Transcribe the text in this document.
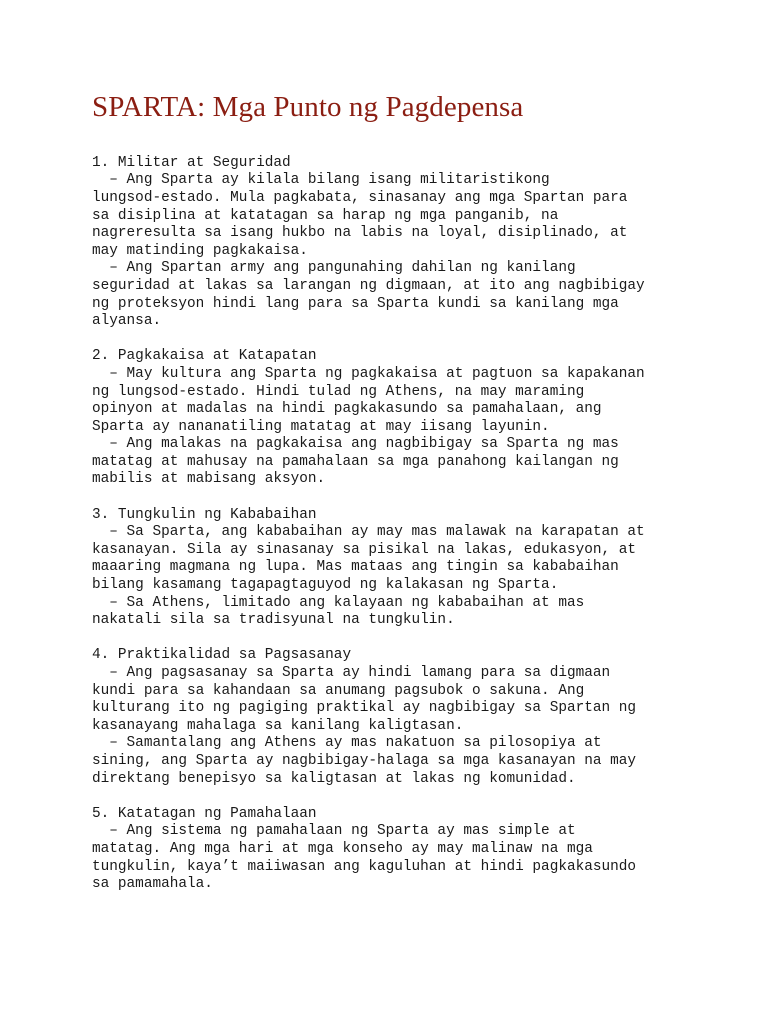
SPARTA: Mga Punto ng Pagdepensa
1. Militar at Seguridad
– Ang Sparta ay kilala bilang isang militaristikong
lungsod-estado. Mula pagkabata, sinasanay ang mga Spartan para
sa disiplina at katatagan sa harap ng mga panganib, na
nagreresulta sa isang hukbo na labis na loyal, disiplinado, at
may matinding pagkakaisa.
– Ang Spartan army ang pangunahing dahilan ng kanilang
seguridad at lakas sa larangan ng digmaan, at ito ang nagbibigay
ng proteksyon hindi lang para sa Sparta kundi sa kanilang mga
alyansa.
2. Pagkakaisa at Katapatan
– May kultura ang Sparta ng pagkakaisa at pagtuon sa kapakanan
ng lungsod-estado. Hindi tulad ng Athens, na may maraming
opinyon at madalas na hindi pagkakasundo sa pamahalaan, ang
Sparta ay nananatiling matatag at may iisang layunin.
– Ang malakas na pagkakaisa ang nagbibigay sa Sparta ng mas
matatag at mahusay na pamahalaan sa mga panahong kailangan ng
mabilis at mabisang aksyon.
3. Tungkulin ng Kababaihan
– Sa Sparta, ang kababaihan ay may mas malawak na karapatan at
kasanayan. Sila ay sinasanay sa pisikal na lakas, edukasyon, at
maaaring magmana ng lupa. Mas mataas ang tingin sa kababaihan
bilang kasamang tagapagtaguyod ng kalakasan ng Sparta.
– Sa Athens, limitado ang kalayaan ng kababaihan at mas
nakatali sila sa tradisyunal na tungkulin.
4. Praktikalidad sa Pagsasanay
– Ang pagsasanay sa Sparta ay hindi lamang para sa digmaan
kundi para sa kahandaan sa anumang pagsubok o sakuna. Ang
kulturang ito ng pagiging praktikal ay nagbibigay sa Spartan ng
kasanayang mahalaga sa kanilang kaligtasan.
– Samantalang ang Athens ay mas nakatuon sa pilosopiya at
sining, ang Sparta ay nagbibigay-halaga sa mga kasanayan na may
direktang benepisyo sa kaligtasan at lakas ng komunidad.
5. Katatagan ng Pamahalaan
– Ang sistema ng pamahalaan ng Sparta ay mas simple at
matatag. Ang mga hari at mga konseho ay may malinaw na mga
tungkulin, kaya’t maiiwasan ang kaguluhan at hindi pagkakasundo
sa pamamahala.
